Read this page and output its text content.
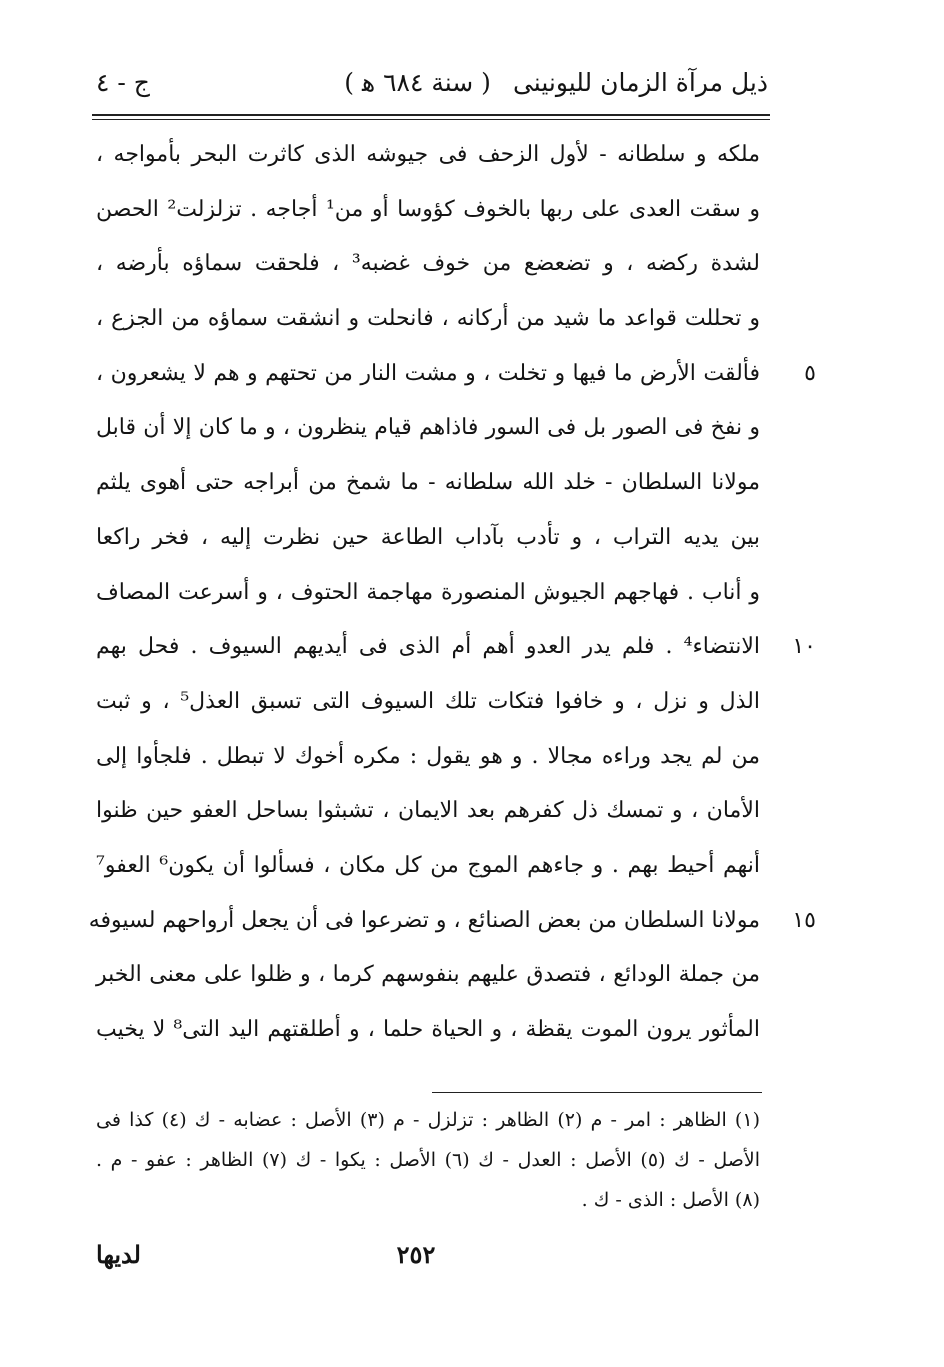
ذيل مرآة الزمان لليونينى
( سنة ٦٨٤ ﻫ )
ج - ٤
ملكه و سلطانه - لأول الزحف فى جيوشه الذى كاثرت البحر بأمواجه ،
و سقت العدى على ربها بالخوف كؤوسا أو من¹ أجاجه . تزلزلت² الحصن
لشدة ركضه ، و تضعضع من خوف غضبه³ ، فلحقت سماؤه بأرضه ،
و تحللت قواعد ما شيد من أركانه ، فانحلت و انشقت سماؤه من الجزع ،
فألقت الأرض ما فيها و تخلت ، و مشت النار من تحتهم و هم لا يشعرون ،	٥
و نفخ فى الصور بل فى السور فاذاهم قيام ينظرون ، و ما كان إلا أن قابل
مولانا السلطان - خلد الله سلطانه - ما شمخ من أبراجه حتى أهوى يلثم
بين يديه التراب ، و تأدب بآداب الطاعة حين نظرت إليه ، فخر راكعا
و أناب . فهاجهم الجيوش المنصورة مهاجمة الحتوف ، و أسرعت المصاف
الانتضاء⁴ . فلم يدر العدو أهم أم الذى فى أيديهم السيوف . فحل بهم	١٠
الذل و نزل ، و خافوا فتكات تلك السيوف التى تسبق العذل⁵ ، و ثبت
من لم يجد وراءه مجالا . و هو يقول : مكره أخوك لا تبطل . فلجأوا إلى
الأمان ، و تمسك ذل كفرهم بعد الايمان ، تشبثوا بساحل العفو حين ظنوا
أنهم أحيط بهم . و جاءهم الموج من كل مكان ، فسألوا أن يكون⁶ العفو⁷
مولانا السلطان من بعض الصنائع ، و تضرعوا فى أن يجعل أرواحهم لسيوفه	١٥
من جملة الودائع ، فتصدق عليهم بنفوسهم كرما ، و ظلوا على معنى الخبر
المأثور يرون الموت يقظة ، و الحياة حلما ، و أطلقتهم اليد التى⁸ لا يخيب
(١) الظاهر : امر - م (٢) الظاهر : تزلزل - م (٣) الأصل : عضابه - ك (٤) كذا فى
الأصل - ك (٥) الأصل : العدل - ك (٦) الأصل : يكوا - ك (٧) الظاهر : عفو - م .
(٨) الأصل : الذى - ك .
٢٥٢
لديها
